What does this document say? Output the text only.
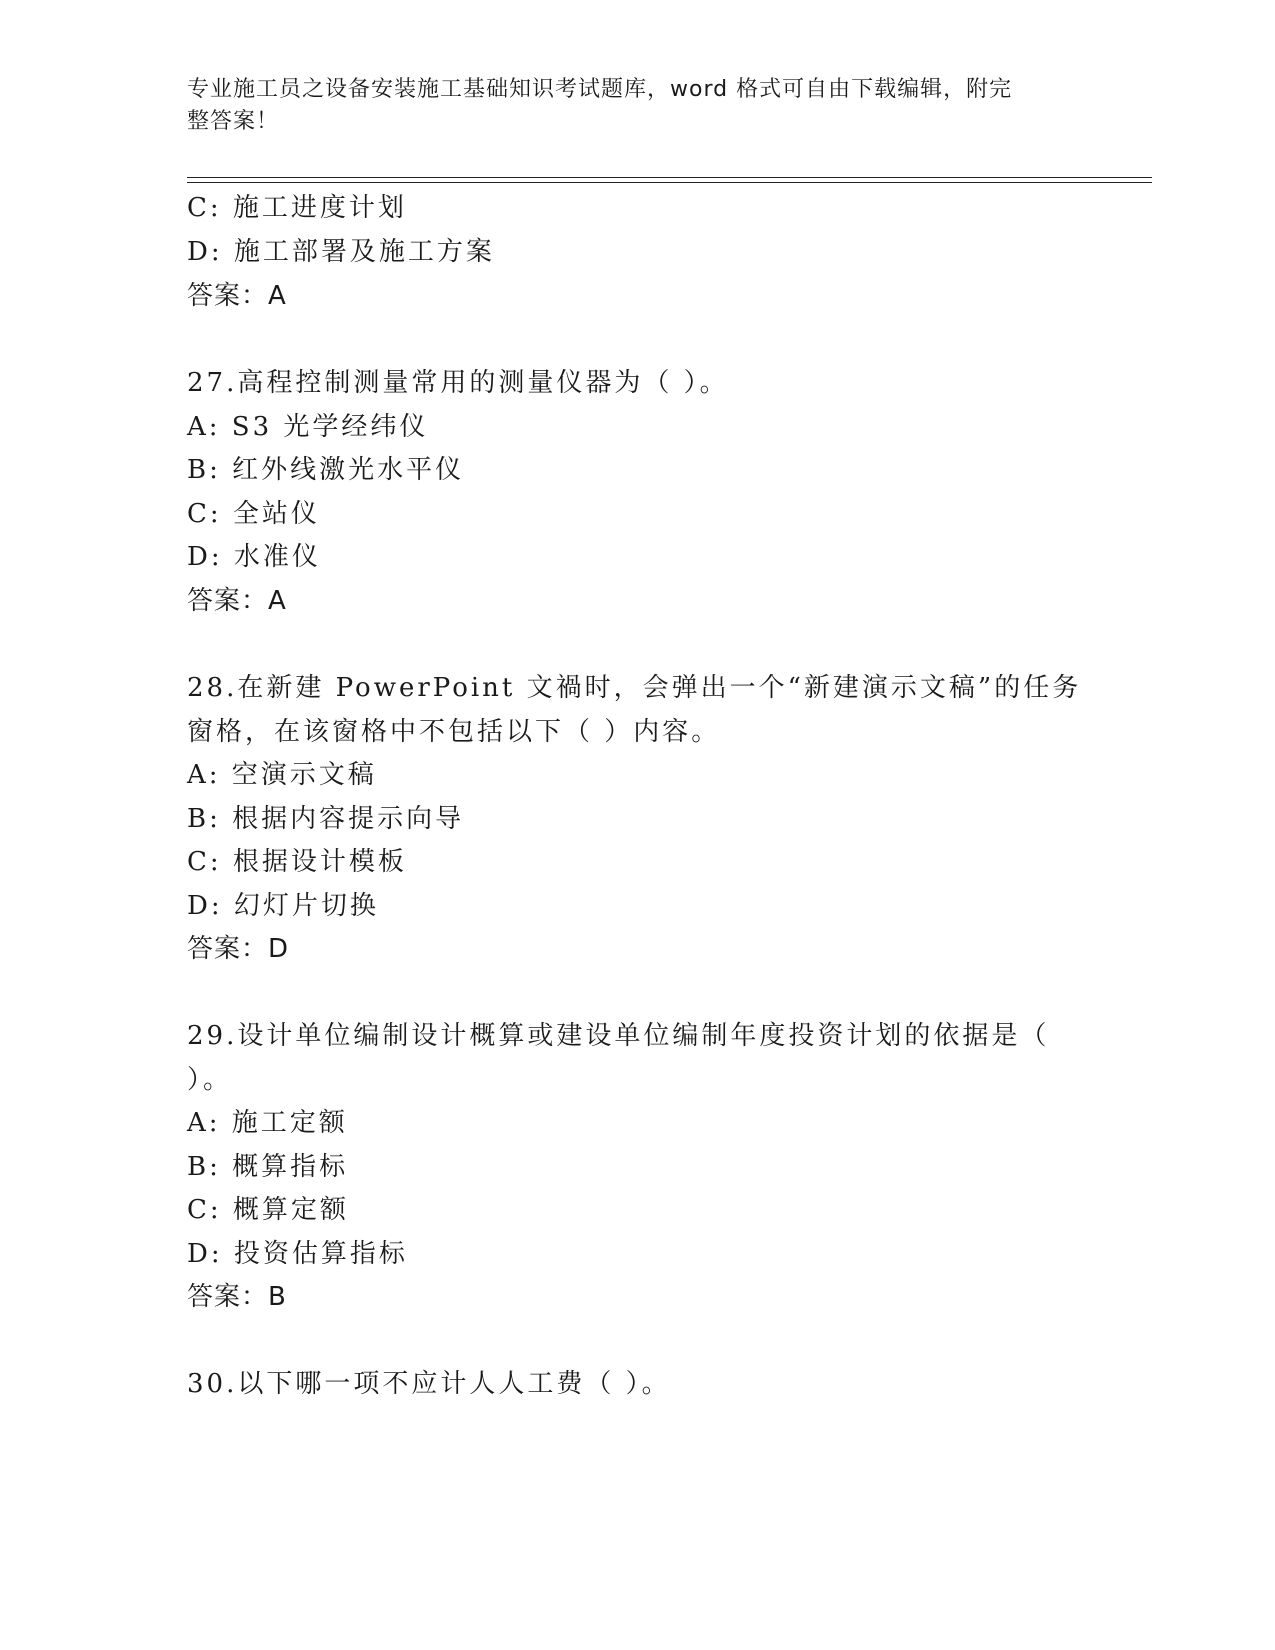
专业施工员之设备安装施工基础知识考试题库，word 格式可自由下载编辑，附完
整答案！
C: 施工进度计划
D: 施工部署及施工方案
答案：A
27.高程控制测量常用的测量仪器为（ ）。
A: S3 光学经纬仪
B: 红外线激光水平仪
C: 全站仪
D: 水准仪
答案：A
28.在新建 PowerPoint 文禍时，会弹出一个“新建演示文稿”的任务
窗格，在该窗格中不包括以下（ ）内容。
A: 空演示文稿
B: 根据内容提示向导
C: 根据设计模板
D: 幻灯片切换
答案：D
29.设计单位编制设计概算或建设单位编制年度投资计划的依据是（
）。
A: 施工定额
B: 概算指标
C: 概算定额
D: 投资估算指标
答案：B
30.以下哪一项不应计人人工费（ ）。
